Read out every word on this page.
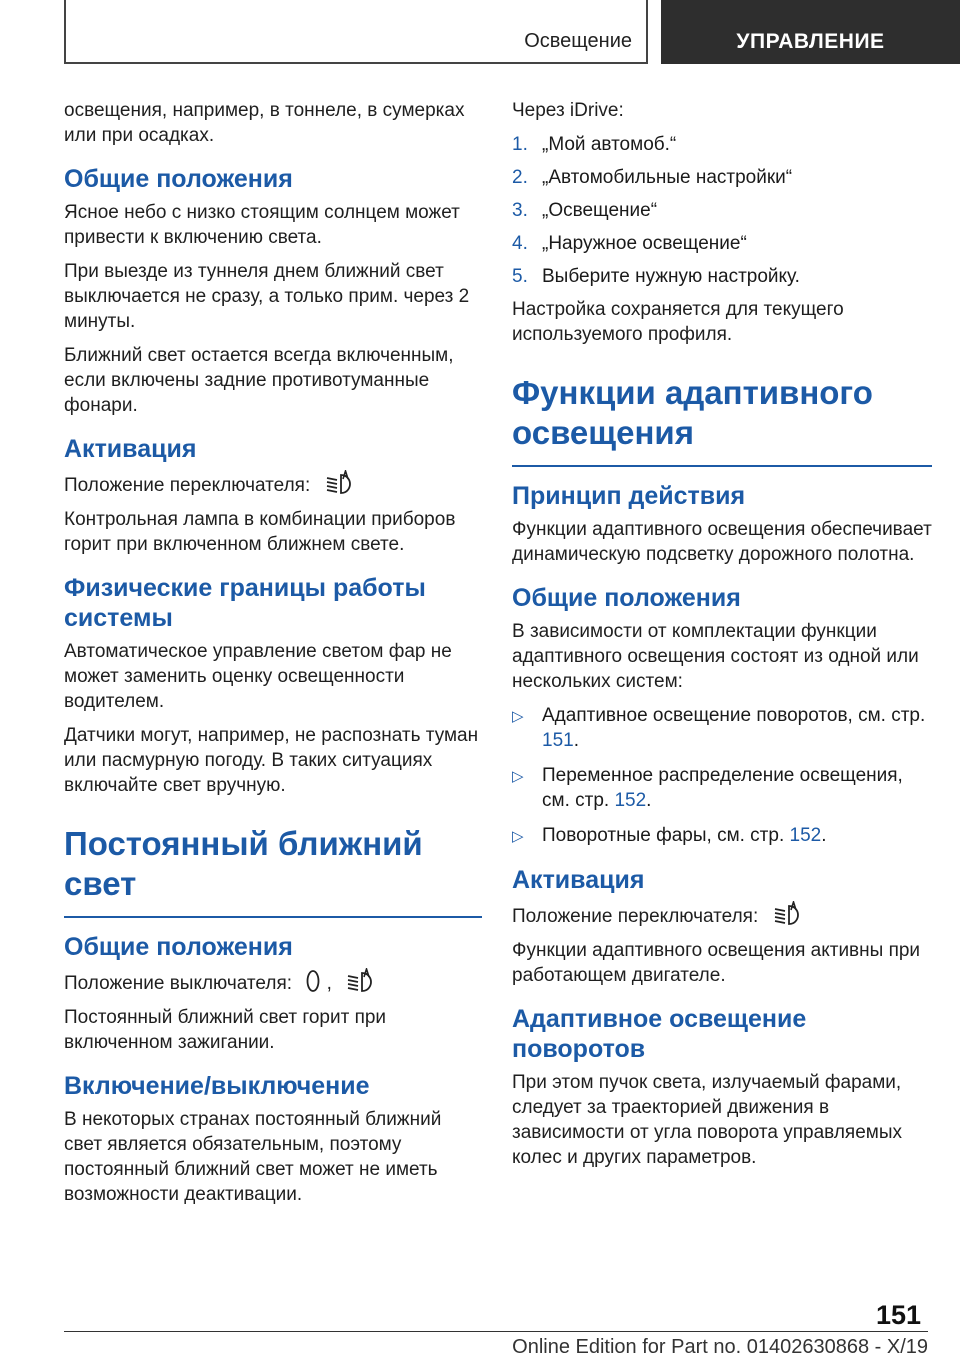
Освещение	УПРАВЛЕНИЕ

освещения, например, в тоннеле, в сумерках или при осадках.

Общие положения

Ясное небо с низко стоящим солнцем может привести к включению света.

При выезде из туннеля днем ближний свет выключается не сразу, а только прим. через 2 минуты.

Ближний свет остается всегда включенным, если включены задние противотуманные фонари.

Активация

Положение переключателя:

Контрольная лампа в комбинации приборов горит при включенном ближнем свете.

Физические границы работы системы

Автоматическое управление светом фар не может заменить оценку освещенности водителем.

Датчики могут, например, не распознать туман или пасмурную погоду. В таких ситуациях включайте свет вручную.

Постоянный ближний свет
Общие положения

Положение выключателя: ,

Постоянный ближний свет горит при включенном зажигании.

Включение/выключение

В некоторых странах постоянный ближний свет является обязательным, поэтому постоянный ближний свет может не иметь возможности деактивации.

Через iDrive:

1. „Мой автомоб.“
2. „Автомобильные настройки“
3. „Освещение“
4. „Наружное освещение“
5. Выберите нужную настройку.

Настройка сохраняется для текущего используемого профиля.

Функции адаптивного освещения
Принцип действия

Функции адаптивного освещения обеспечивает динамическую подсветку дорожного полотна.

Общие положения

В зависимости от комплектации функции адаптивного освещения состоят из одной или нескольких систем:

▷ Адаптивное освещение поворотов, см. стр. 151.
▷ Переменное распределение освещения, см. стр. 152.
▷ Поворотные фары, см. стр. 152.
Активация

Положение переключателя:

Функции адаптивного освещения активны при работающем двигателе.

Адаптивное освещение поворотов

При этом пучок света, излучаемый фарами, следует за траекторией движения в зависимости от угла поворота управляемых колес и других параметров.

151
Online Edition for Part no. 01402630868 - X/19
